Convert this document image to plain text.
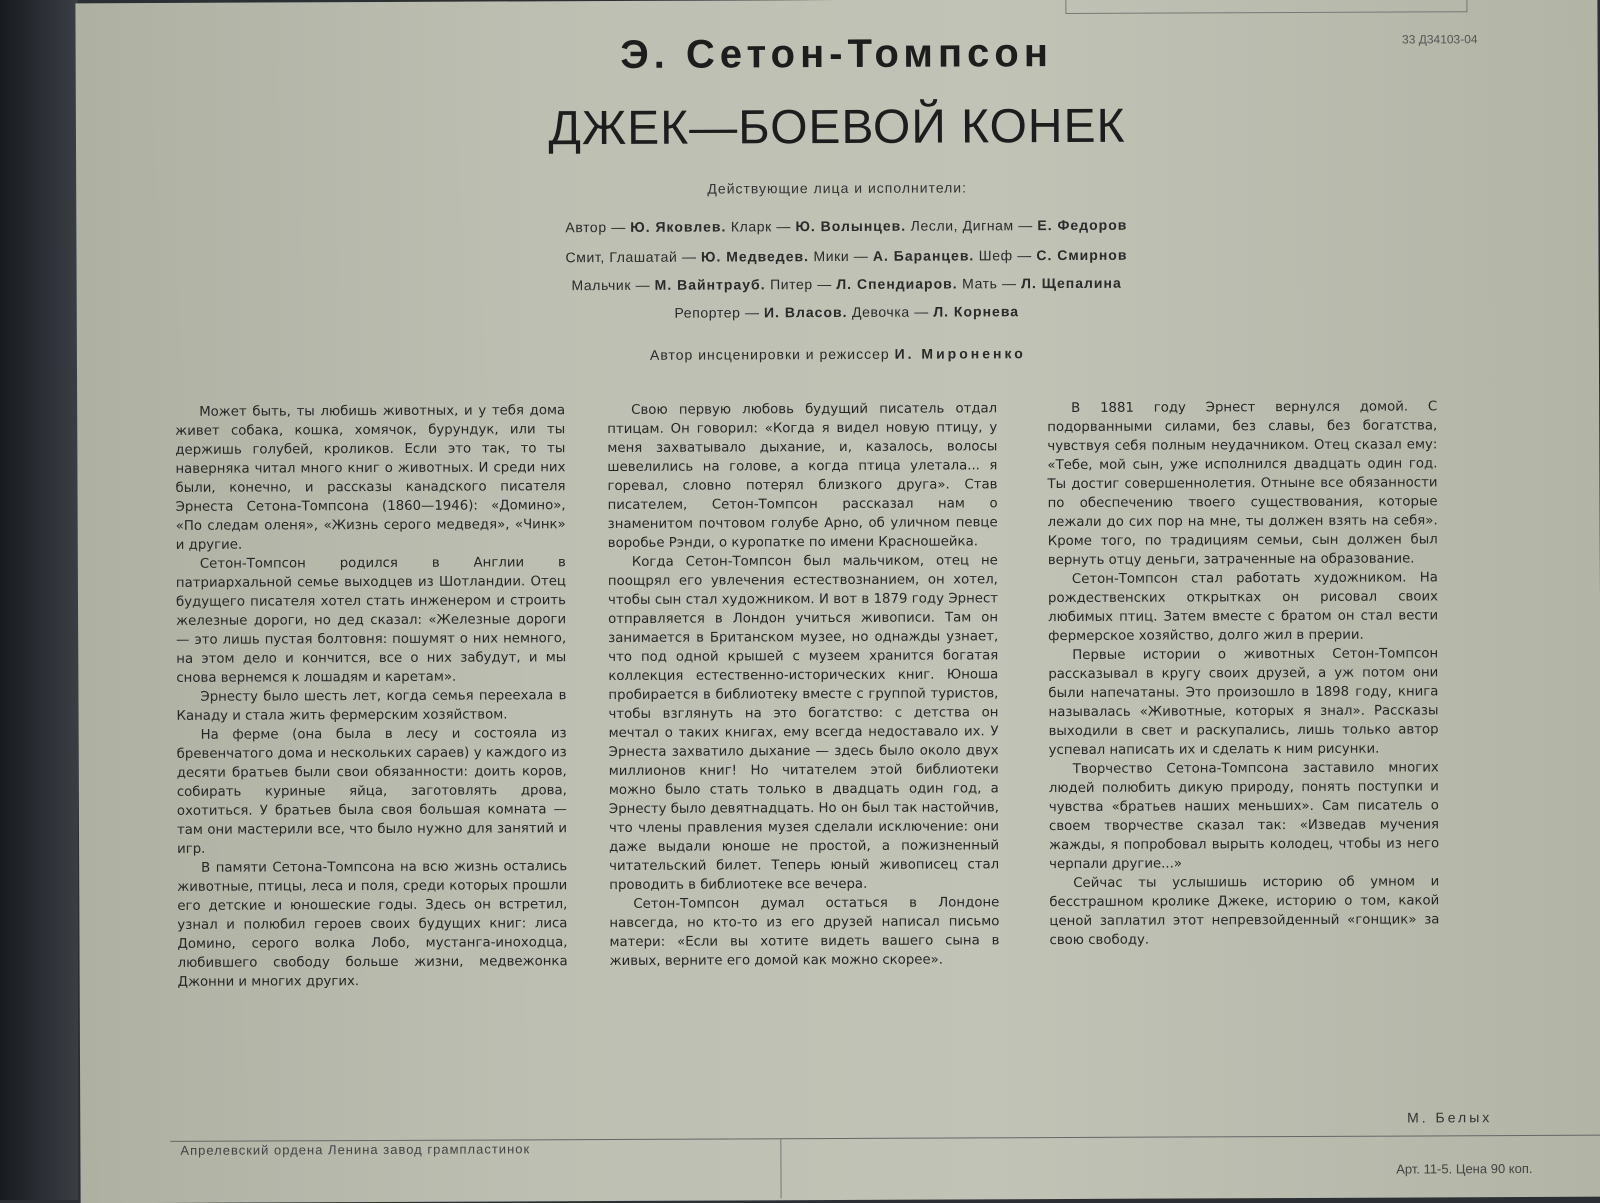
33 Д34103-04
Э. Сетон-Томпсон
ДЖЕК—БОЕВОЙ КОНЕК
Действующие лица и исполнители:
Автор — Ю. Яковлев. Кларк — Ю. Волынцев. Лесли, Дигнам — Е. Федоров
Смит, Глашатай — Ю. Медведев. Мики — А. Баранцев. Шеф — С. Смирнов
Мальчик — М. Вайнтрауб. Питер — Л. Спендиаров. Мать — Л. Щепалина
Репортер — И. Власов. Девочка — Л. Корнева
Автор инсценировки и режиссер И. Мироненко

Может быть, ты любишь животных, и у тебя дома живет собака, кошка, хомячок, бурундук, или ты держишь голубей, кроликов. Если это так, то ты наверняка читал много книг о животных. И среди них были, конечно, и рассказы канадского писателя Эрнеста Сетона-Томпсона (1860—1946): «Домино», «По следам оленя», «Жизнь серого медведя», «Чинк» и другие.

Сетон-Томпсон родился в Англии в патриархальной семье выходцев из Шотландии. Отец будущего писателя хотел стать инженером и строить железные дороги, но дед сказал: «Железные дороги — это лишь пустая болтовня: пошумят о них немного, на этом дело и кончится, все о них забудут, и мы снова вернемся к лошадям и каретам».

Эрнесту было шесть лет, когда семья переехала в Канаду и стала жить фермерским хозяйством.

На ферме (она была в лесу и состояла из бревенчатого дома и нескольких сараев) у каждого из десяти братьев были свои обязанности: доить коров, собирать куриные яйца, заготовлять дрова, охотиться. У братьев была своя большая комната — там они мастерили все, что было нужно для занятий и игр.

В памяти Сетона-Томпсона на всю жизнь остались животные, птицы, леса и поля, среди которых прошли его детские и юношеские годы. Здесь он встретил, узнал и полюбил героев своих будущих книг: лиса Домино, серого волка Лобо, мустанга-иноходца, любившего свободу больше жизни, медвежонка Джонни и многих других.

Свою первую любовь будущий писатель отдал птицам. Он говорил: «Когда я видел новую птицу, у меня захватывало дыхание, и, казалось, волосы шевелились на голове, а когда птица улетала... я горевал, словно потерял близкого друга». Став писателем, Сетон-Томпсон рассказал нам о знаменитом почтовом голубе Арно, об уличном певце воробье Рэнди, о куропатке по имени Красношейка.

Когда Сетон-Томпсон был мальчиком, отец не поощрял его увлечения естествознанием, он хотел, чтобы сын стал художником. И вот в 1879 году Эрнест отправляется в Лондон учиться живописи. Там он занимается в Британском музее, но однажды узнает, что под одной крышей с музеем хранится богатая коллекция естественно-исторических книг. Юноша пробирается в библиотеку вместе с группой туристов, чтобы взглянуть на это богатство: с детства он мечтал о таких книгах, ему всегда недоставало их. У Эрнеста захватило дыхание — здесь было около двух миллионов книг! Но читателем этой библиотеки можно было стать только в двадцать один год, а Эрнесту было девятнадцать. Но он был так настойчив, что члены правления музея сделали исключение: они даже выдали юноше не простой, а пожизненный читательский билет. Теперь юный живописец стал проводить в библиотеке все вечера.

Сетон-Томпсон думал остаться в Лондоне навсегда, но кто-то из его друзей написал письмо матери: «Если вы хотите видеть вашего сына в живых, верните его домой как можно скорее».

В 1881 году Эрнест вернулся домой. С подорванными силами, без славы, без богатства, чувствуя себя полным неудачником. Отец сказал ему: «Тебе, мой сын, уже исполнился двадцать один год. Ты достиг совершеннолетия. Отныне все обязанности по обеспечению твоего существования, которые лежали до сих пор на мне, ты должен взять на себя». Кроме того, по традициям семьи, сын должен был вернуть отцу деньги, затраченные на образование.

Сетон-Томпсон стал работать художником. На рождественских открытках он рисовал своих любимых птиц. Затем вместе с братом он стал вести фермерское хозяйство, долго жил в прерии.

Первые истории о животных Сетон-Томпсон рассказывал в кругу своих друзей, а уж потом они были напечатаны. Это произошло в 1898 году, книга называлась «Животные, которых я знал». Рассказы выходили в свет и раскупались, лишь только автор успевал написать их и сделать к ним рисунки.

Творчество Сетона-Томпсона заставило многих людей полюбить дикую природу, понять поступки и чувства «братьев наших меньших». Сам писатель о своем творчестве сказал так: «Изведав мучения жажды, я попробовал вырыть колодец, чтобы из него черпали другие...»

Сейчас ты услышишь историю об умном и бесстрашном кролике Джеке, историю о том, какой ценой заплатил этот непревзойденный «гонщик» за свою свободу.

М. Белых
Апрелевский ордена Ленина завод грампластинок
Арт. 11-5. Цена 90 коп.
